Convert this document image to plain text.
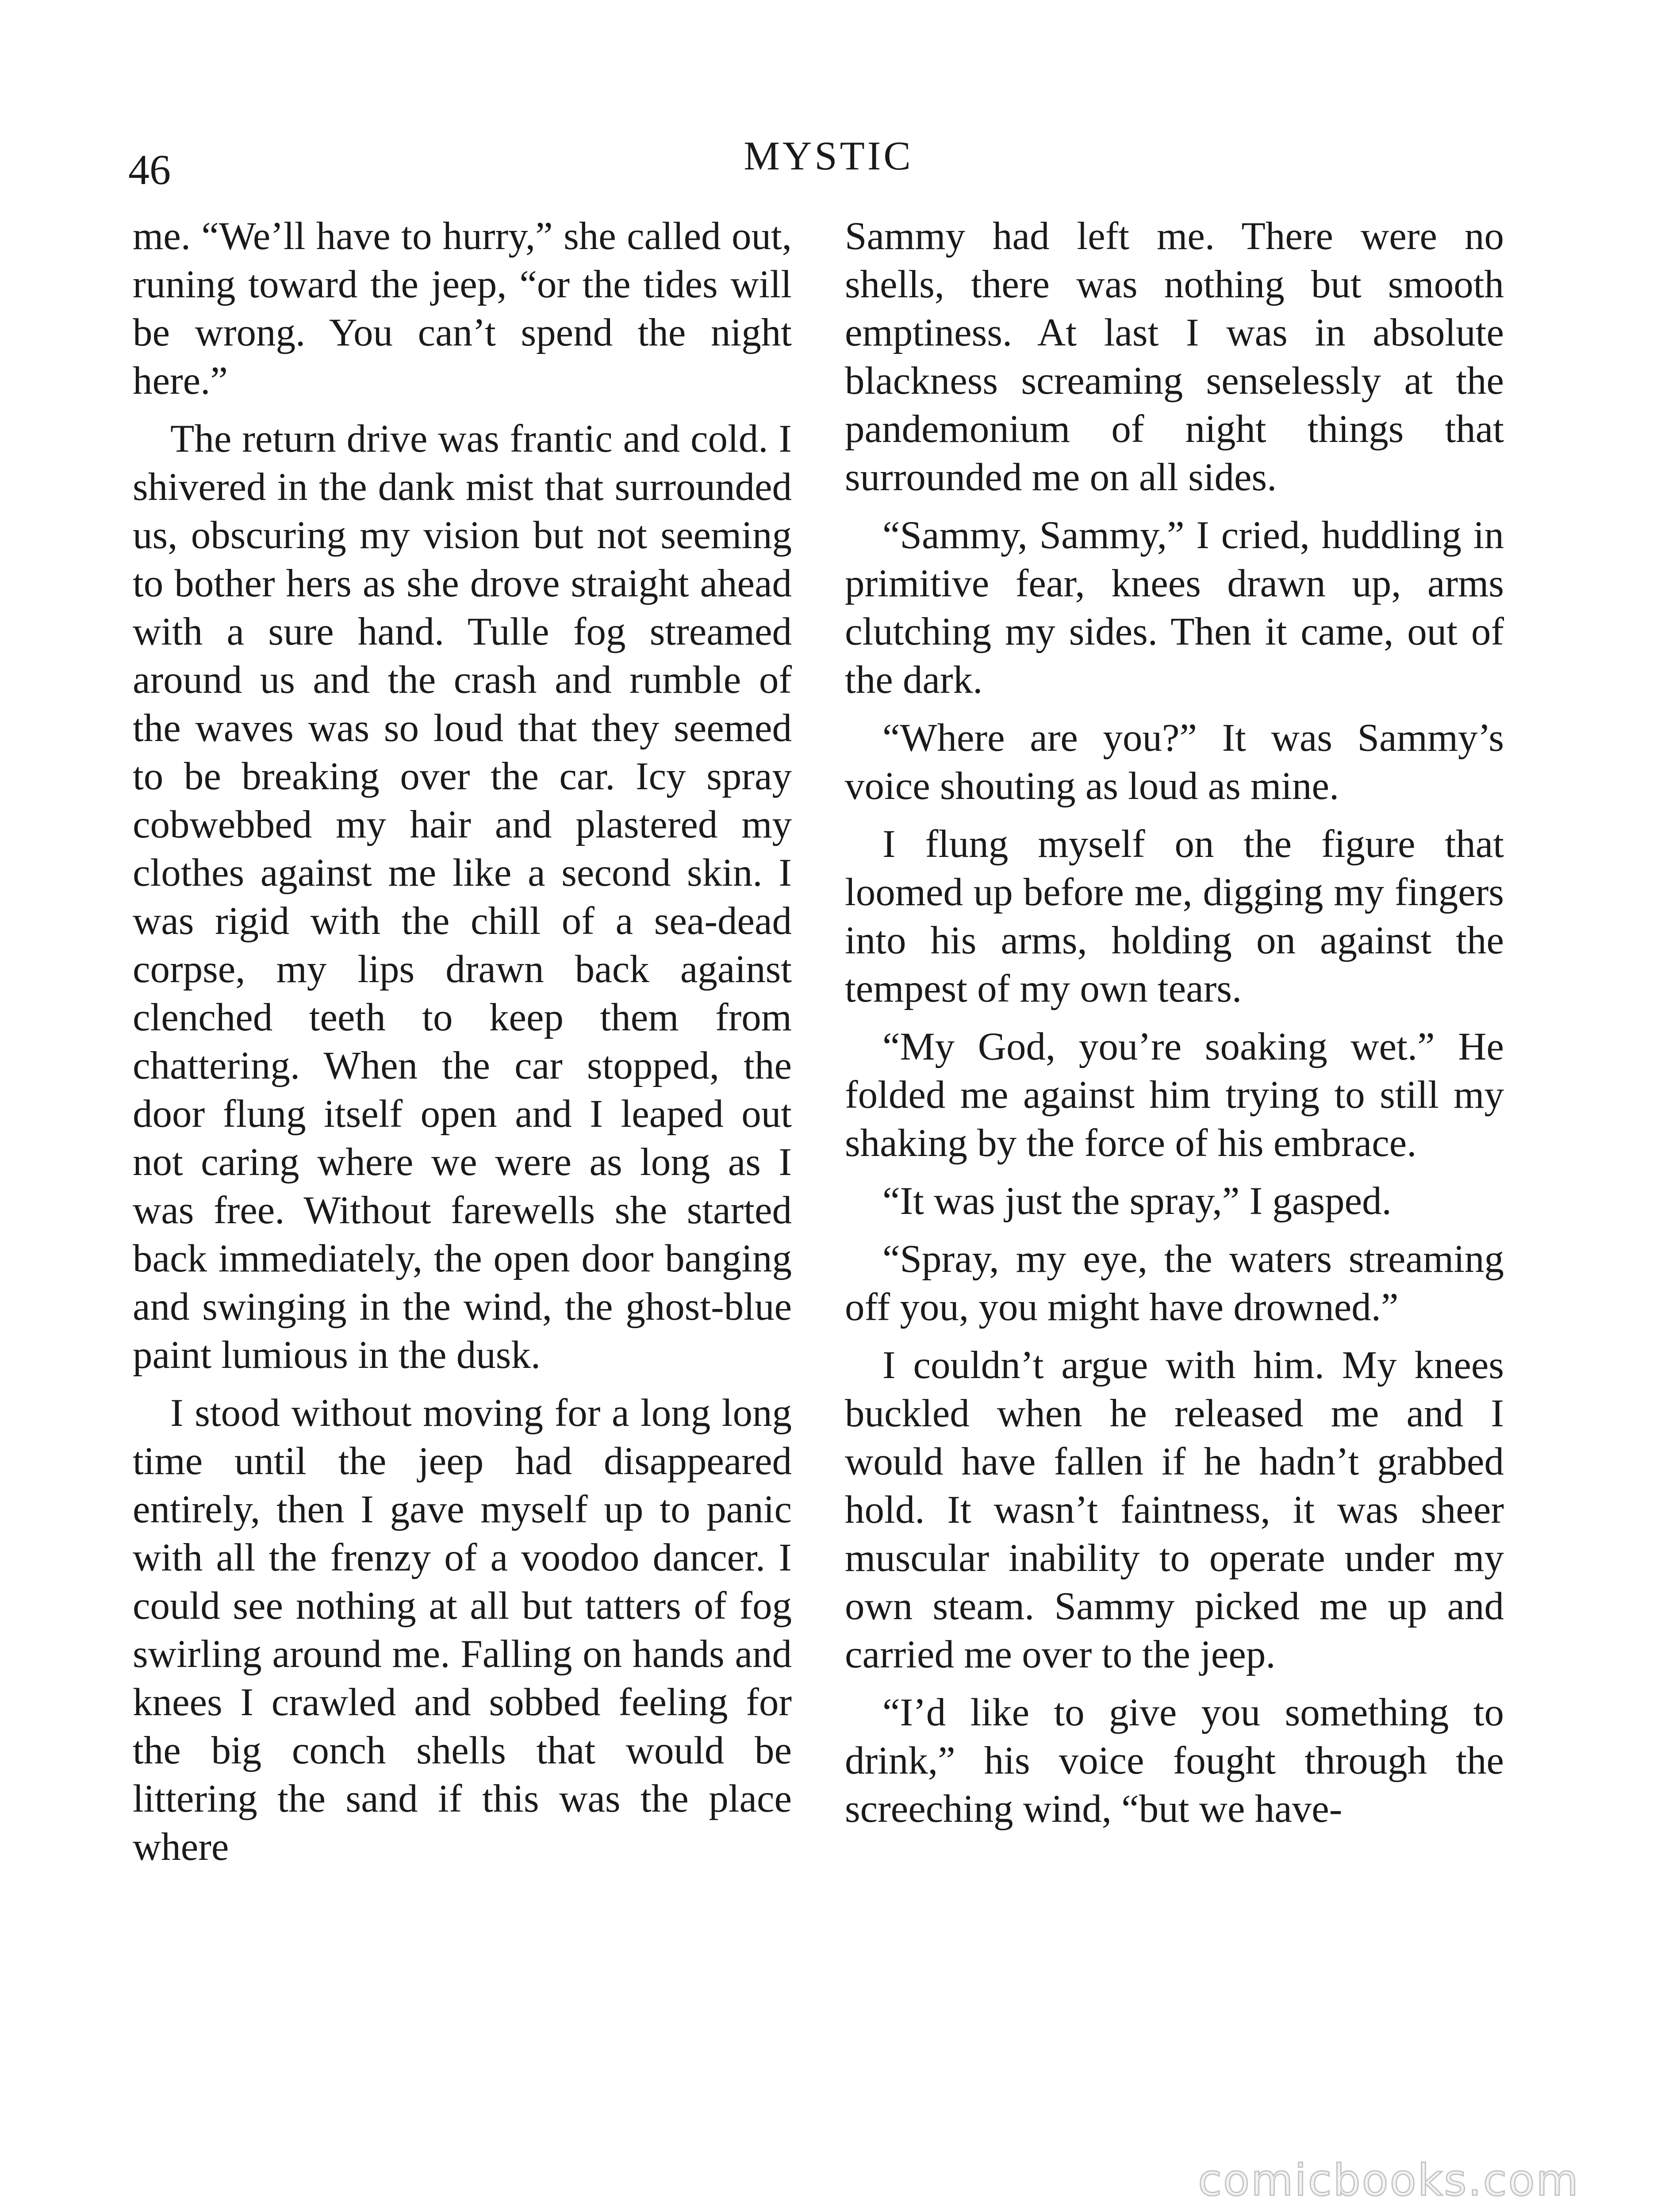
46	MYSTIC

me. “We’ll have to hurry,” she called out, runing toward the jeep, “or the tides will be wrong. You can’t spend the night here.”

The return drive was frantic and cold. I shivered in the dank mist that surrounded us, obscuring my vision but not seeming to bother hers as she drove straight ahead with a sure hand. Tulle fog streamed around us and the crash and rumble of the waves was so loud that they seemed to be breaking over the car. Icy spray cobwebbed my hair and plastered my clothes against me like a second skin. I was rigid with the chill of a sea-dead corpse, my lips drawn back against clenched teeth to keep them from chattering. When the car stopped, the door flung itself open and I leaped out not caring where we were as long as I was free. Without farewells she started back immediately, the open door banging and swinging in the wind, the ghost-blue paint lumious in the dusk.

I stood without moving for a long long time until the jeep had disappeared entirely, then I gave myself up to panic with all the frenzy of a voodoo dancer. I could see nothing at all but tatters of fog swirling around me. Falling on hands and knees I crawled and sobbed feeling for the big conch shells that would be littering the sand if this was the place where

Sammy had left me. There were no shells, there was nothing but smooth emptiness. At last I was in absolute blackness screaming senselessly at the pandemonium of night things that surrounded me on all sides.

“Sammy, Sammy,” I cried, huddling in primitive fear, knees drawn up, arms clutching my sides. Then it came, out of the dark.

“Where are you?” It was Sammy’s voice shouting as loud as mine.

I flung myself on the figure that loomed up before me, digging my fingers into his arms, holding on against the tempest of my own tears.

“My God, you’re soaking wet.” He folded me against him trying to still my shaking by the force of his embrace.

“It was just the spray,” I gasped.

“Spray, my eye, the waters streaming off you, you might have drowned.”

I couldn’t argue with him. My knees buckled when he released me and I would have fallen if he hadn’t grabbed hold. It wasn’t faintness, it was sheer muscular inability to operate under my own steam. Sammy picked me up and carried me over to the jeep.

“I’d like to give you something to drink,” his voice fought through the screeching wind, “but we have-

comicbooks.com
